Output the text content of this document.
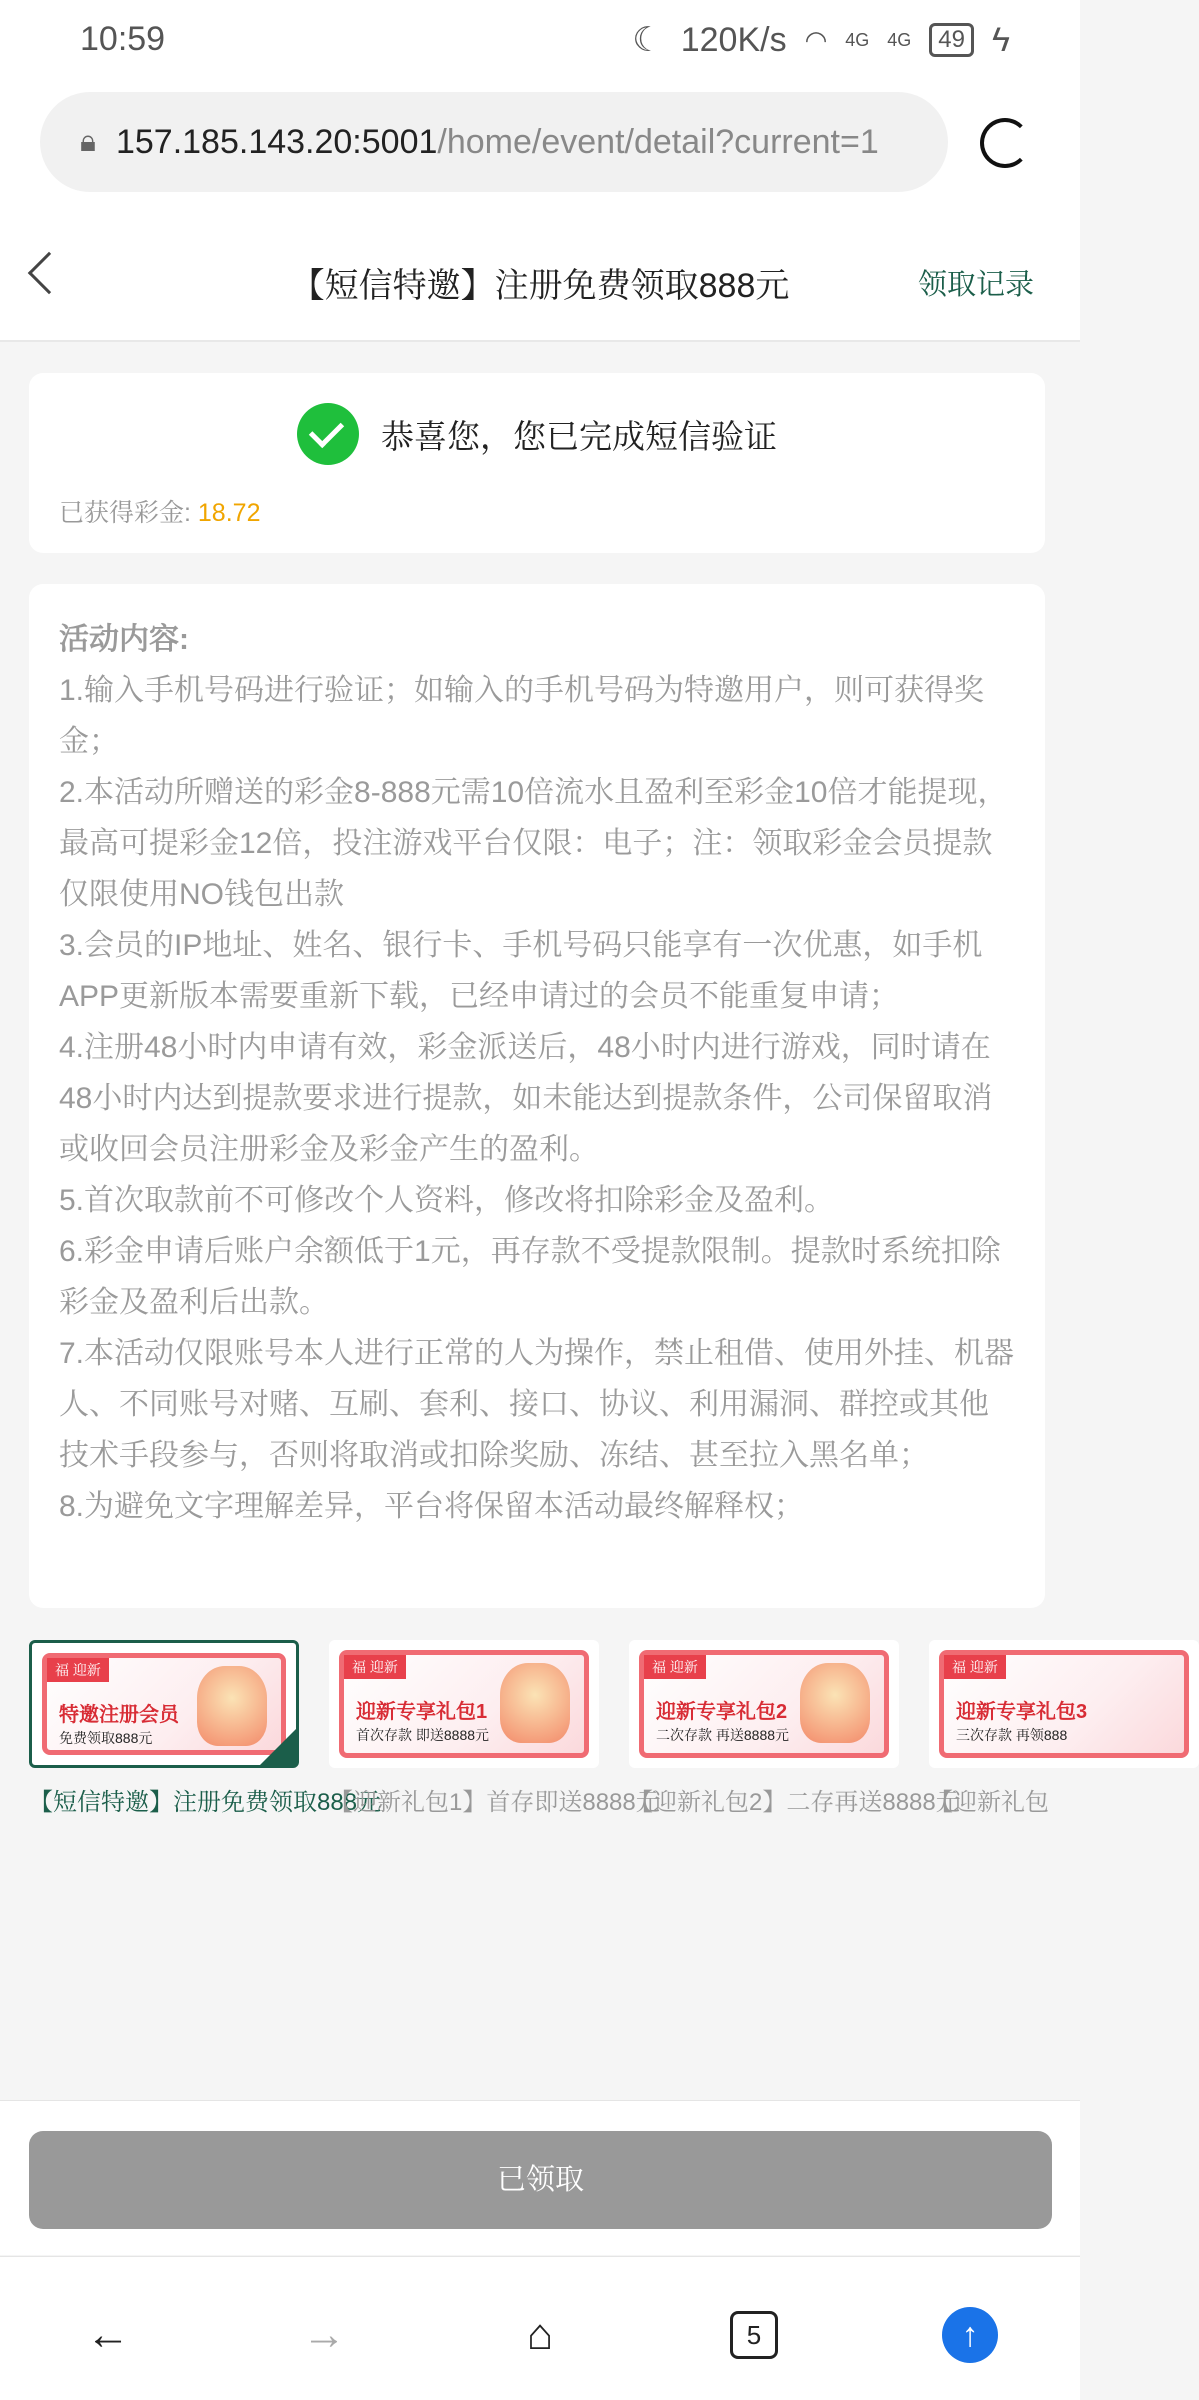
10:59	☾ 120K/s ◠ 4G 4G	49 ϟ
🔒︎ 157.185.143.20:5001 /home/event/detail?current=1
【短信特邀】注册免费领取888元	领取记录
恭喜您，您已完成短信验证
已获得彩金: 18.72
活动内容:
1.输入手机号码进行验证；如输入的手机号码为特邀用户，则可获得奖金；
2.本活动所赠送的彩金8-888元需10倍流水且盈利至彩金10倍才能提现，最高可提彩金12倍，投注游戏平台仅限：电子；注：领取彩金会员提款仅限使用NO钱包出款
3.会员的IP地址、姓名、银行卡、手机号码只能享有一次优惠，如手机APP更新版本需要重新下载，已经申请过的会员不能重复申请；
4.注册48小时内申请有效，彩金派送后，48小时内进行游戏，同时请在48小时内达到提款要求进行提款，如未能达到提款条件，公司保留取消或收回会员注册彩金及彩金产生的盈利。
5.首次取款前不可修改个人资料，修改将扣除彩金及盈利。
6.彩金申请后账户余额低于1元，再存款不受提款限制。提款时系统扣除彩金及盈利后出款。
7.本活动仅限账号本人进行正常的人为操作，禁止租借、使用外挂、机器人、不同账号对赌、互刷、套利、接口、协议、利用漏洞、群控或其他技术手段参与，否则将取消或扣除奖励、冻结、甚至拉入黑名单；
8.为避免文字理解差异，平台将保留本活动最终解释权；
福 迎新
特邀注册会员
免费领取888元
【短信特邀】注册免费领取888元
福 迎新
迎新专享礼包1
首次存款 即送8888元
【迎新礼包1】首存即送8888元
福 迎新
迎新专享礼包2
二次存款 再送8888元
【迎新礼包2】二存再送8888元
福 迎新
迎新专享礼包3
三次存款 再领888
【迎新礼包
已领取
←	→	⌂	5	↑
